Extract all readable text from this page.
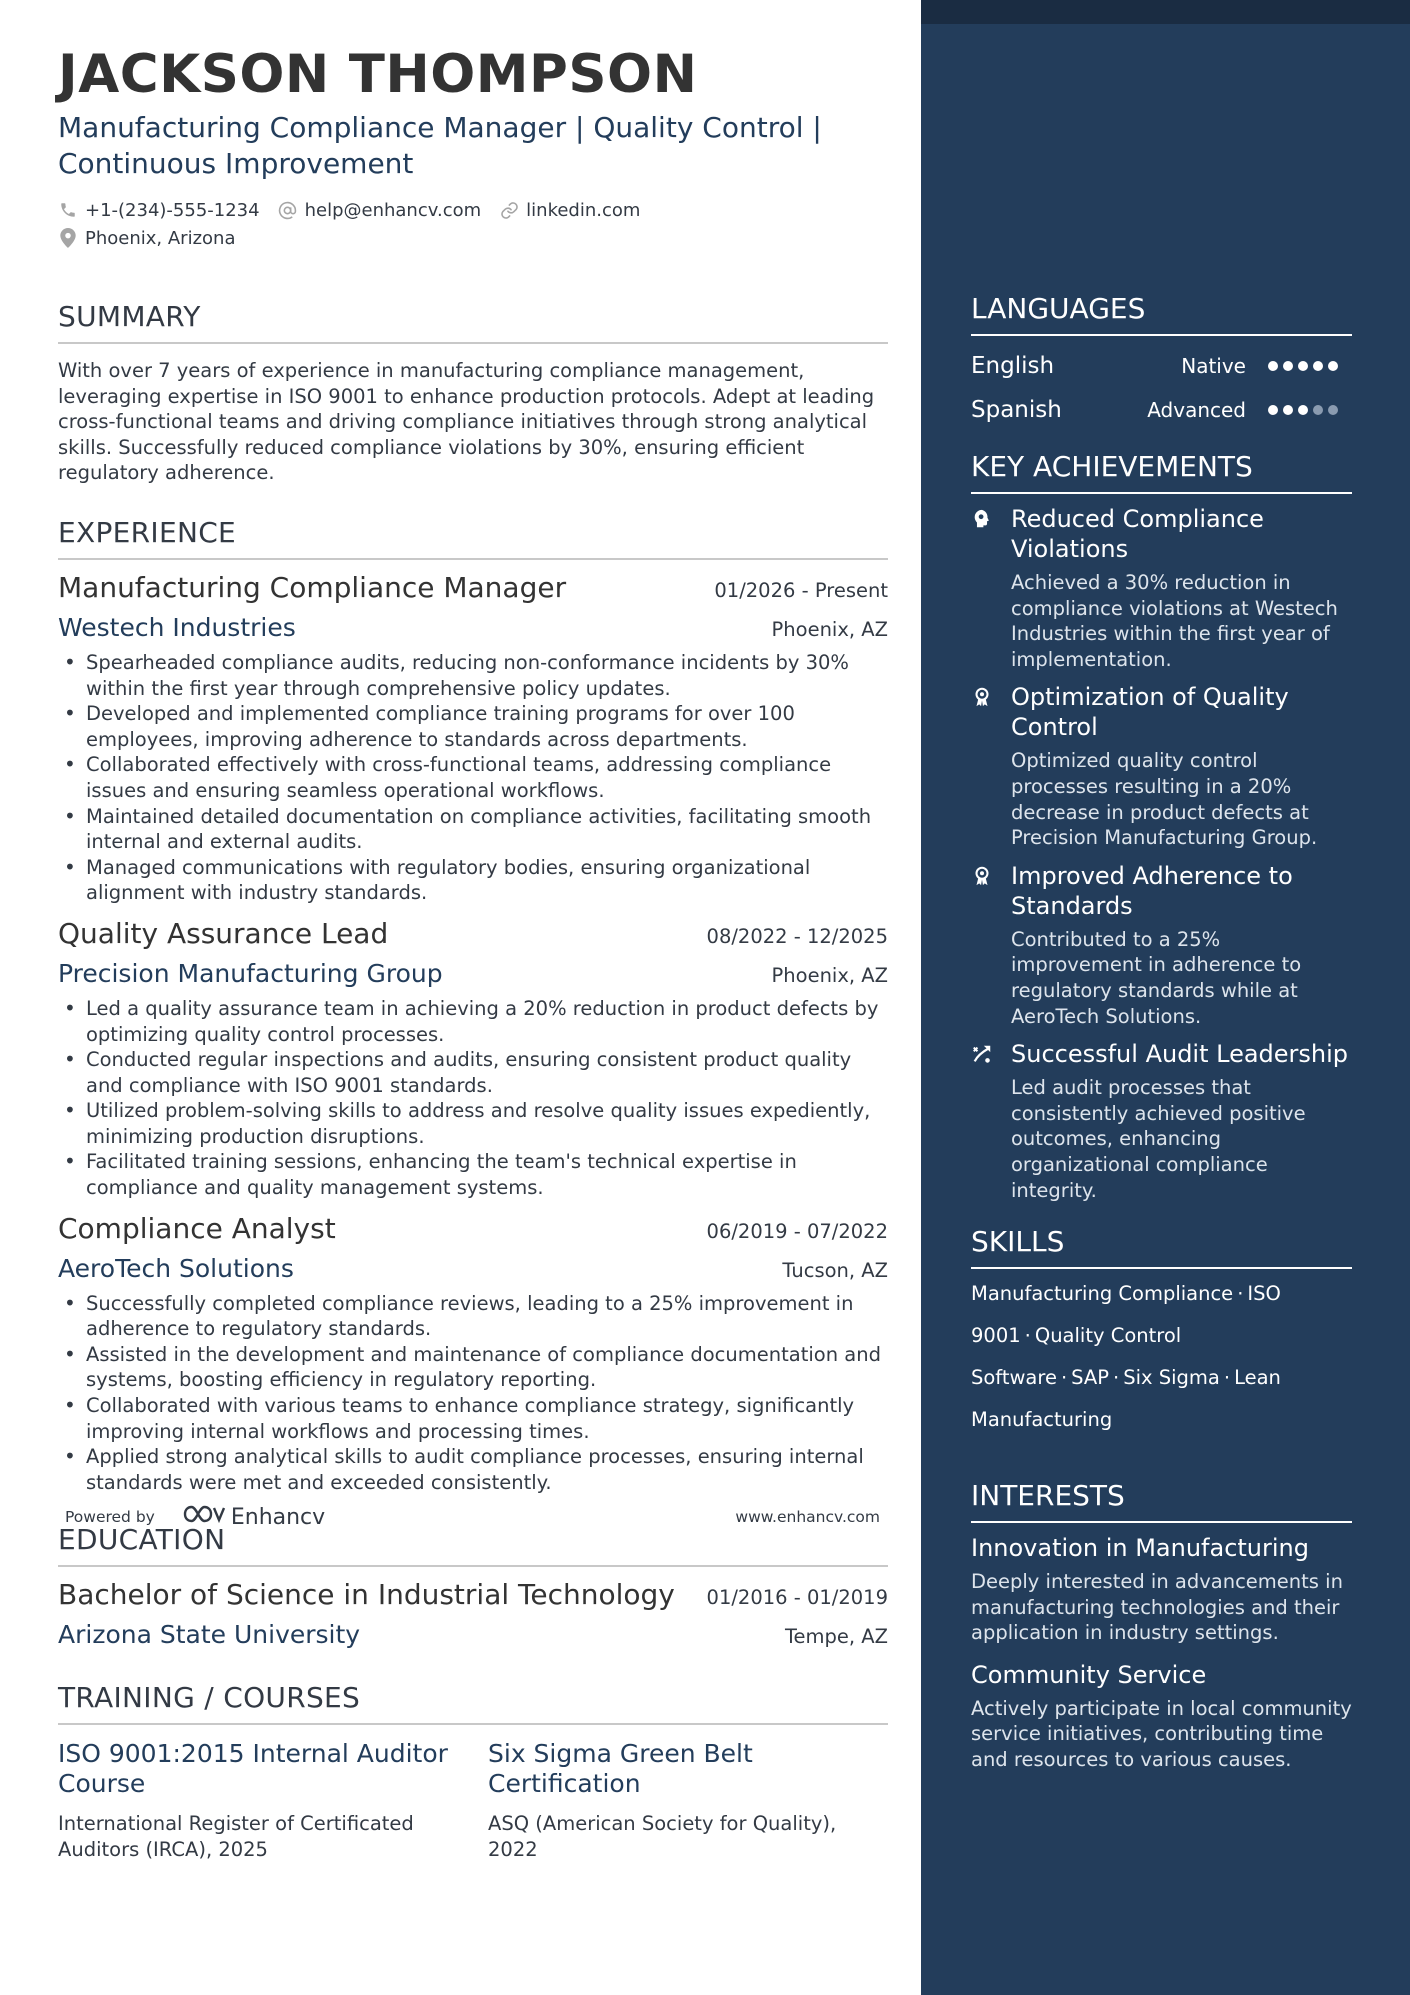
JACKSON THOMPSON
Manufacturing Compliance Manager | Quality Control | Continuous Improvement
+1-(234)-555-1234	help@enhancv.com	linkedin.com
Phoenix, Arizona
SUMMARY
With over 7 years of experience in manufacturing compliance management, leveraging expertise in ISO 9001 to enhance production protocols. Adept at leading cross-functional teams and driving compliance initiatives through strong analytical skills. Successfully reduced compliance violations by 30%, ensuring efficient regulatory adherence.
EXPERIENCE
Manufacturing Compliance Manager	01/2026 - Present
Westech Industries	Phoenix, AZ
• Spearheaded compliance audits, reducing non-conformance incidents by 30% within the first year through comprehensive policy updates.
• Developed and implemented compliance training programs for over 100 employees, improving adherence to standards across departments.
• Collaborated effectively with cross-functional teams, addressing compliance issues and ensuring seamless operational workflows.
• Maintained detailed documentation on compliance activities, facilitating smooth internal and external audits.
• Managed communications with regulatory bodies, ensuring organizational alignment with industry standards.
Quality Assurance Lead	08/2022 - 12/2025
Precision Manufacturing Group	Phoenix, AZ
• Led a quality assurance team in achieving a 20% reduction in product defects by optimizing quality control processes.
• Conducted regular inspections and audits, ensuring consistent product quality and compliance with ISO 9001 standards.
• Utilized problem-solving skills to address and resolve quality issues expediently, minimizing production disruptions.
• Facilitated training sessions, enhancing the team's technical expertise in compliance and quality management systems.
Compliance Analyst	06/2019 - 07/2022
AeroTech Solutions	Tucson, AZ
• Successfully completed compliance reviews, leading to a 25% improvement in adherence to regulatory standards.
• Assisted in the development and maintenance of compliance documentation and systems, boosting efficiency in regulatory reporting.
• Collaborated with various teams to enhance compliance strategy, significantly improving internal workflows and processing times.
• Applied strong analytical skills to audit compliance processes, ensuring internal standards were met and exceeded consistently.
EDUCATION
Bachelor of Science in Industrial Technology 01/2016 - 01/2019
Arizona State University	Tempe, AZ
TRAINING / COURSES
ISO 9001:2015 Internal Auditor Course
International Register of Certificated Auditors (IRCA), 2025
Six Sigma Green Belt Certification
ASQ (American Society for Quality), 2022
Powered by	Enhancv	www.enhancv.com
LANGUAGES
English	Native
Spanish	Advanced
KEY ACHIEVEMENTS
Reduced Compliance Violations
Achieved a 30% reduction in compliance violations at Westech Industries within the first year of implementation.
Optimization of Quality Control
Optimized quality control processes resulting in a 20% decrease in product defects at Precision Manufacturing Group.
Improved Adherence to Standards
Contributed to a 25% improvement in adherence to regulatory standards while at AeroTech Solutions.
Successful Audit Leadership
Led audit processes that consistently achieved positive outcomes, enhancing organizational compliance integrity.
SKILLS
Manufacturing Compliance · ISO 9001 · Quality Control Software · SAP · Six Sigma · Lean Manufacturing
INTERESTS
Innovation in Manufacturing
Deeply interested in advancements in manufacturing technologies and their application in industry settings.
Community Service
Actively participate in local community service initiatives, contributing time and resources to various causes.
